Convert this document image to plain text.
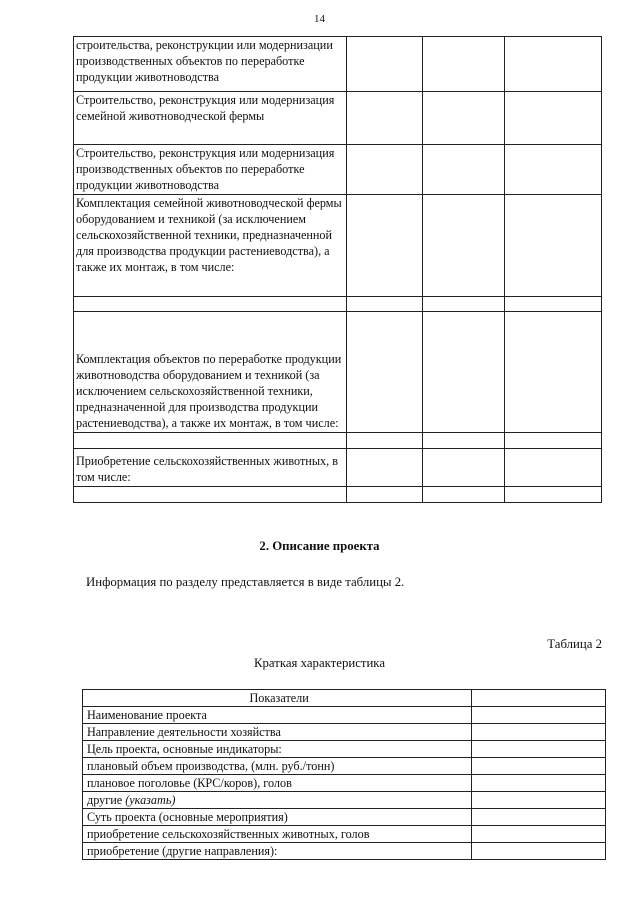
14
строительства, реконструкции или модернизации производственных объектов по переработке продукции животноводства			
Строительство, реконструкция или модернизация семейной животноводческой фермы			
Строительство, реконструкция или модернизация производственных объектов по переработке продукции животноводства			
Комплектация семейной животноводческой фермы оборудованием и техникой (за исключением сельскохозяйственной техники, предназначенной для производства продукции растениеводства), а также их монтаж, в том числе:			

Комплектация объектов по переработке продукции животноводства оборудованием и техникой (за исключением сельскохозяйственной техники, предназначенной для производства продукции растениеводства), а также их монтаж, в том числе:			

Приобретение сельскохозяйственных животных, в том числе:			

2. Описание проекта
Информация по разделу представляется в виде таблицы 2.
Таблица 2
Краткая характеристика
Показатели	
Наименование проекта	
Направление деятельности хозяйства	
Цель проекта, основные индикаторы:	
плановый объем производства, (млн. руб./тонн)	
плановое поголовье (КРС/коров), голов	
другие (указать)	
Суть проекта (основные мероприятия)	
приобретение сельскохозяйственных животных, голов	
приобретение (другие направления):	
